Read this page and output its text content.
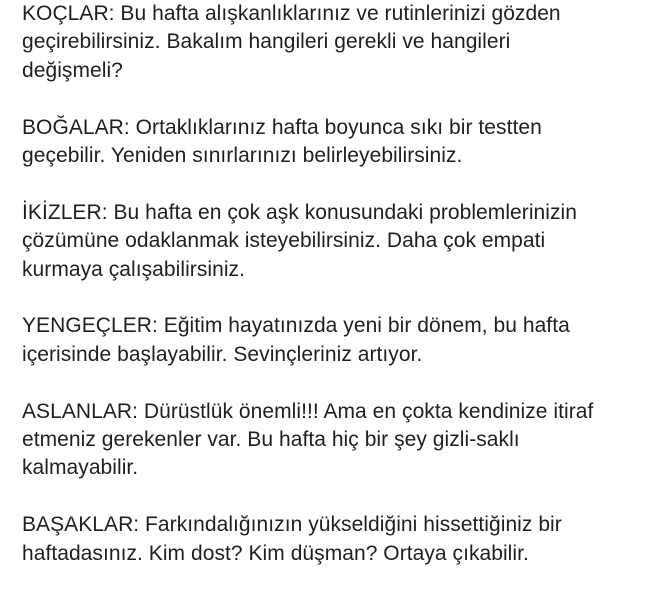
KOÇLAR: Bu hafta alışkanlıklarınız ve rutinlerinizi gözden
geçirebilirsiniz. Bakalım hangileri gerekli ve hangileri
değişmeli?
BOĞALAR: Ortaklıklarınız hafta boyunca sıkı bir testten
geçebilir. Yeniden sınırlarınızı belirleyebilirsiniz.
İKİZLER: Bu hafta en çok aşk konusundaki problemlerinizin
çözümüne odaklanmak isteyebilirsiniz. Daha çok empati
kurmaya çalışabilirsiniz.
YENGEÇLER: Eğitim hayatınızda yeni bir dönem, bu hafta
içerisinde başlayabilir. Sevinçleriniz artıyor.
ASLANLAR: Dürüstlük önemli!!! Ama en çokta kendinize itiraf
etmeniz gerekenler var. Bu hafta hiç bir şey gizli-saklı
kalmayabilir.
BAŞAKLAR: Farkındalığınızın yükseldiğini hissettiğiniz bir
haftadasınız. Kim dost? Kim düşman? Ortaya çıkabilir.
